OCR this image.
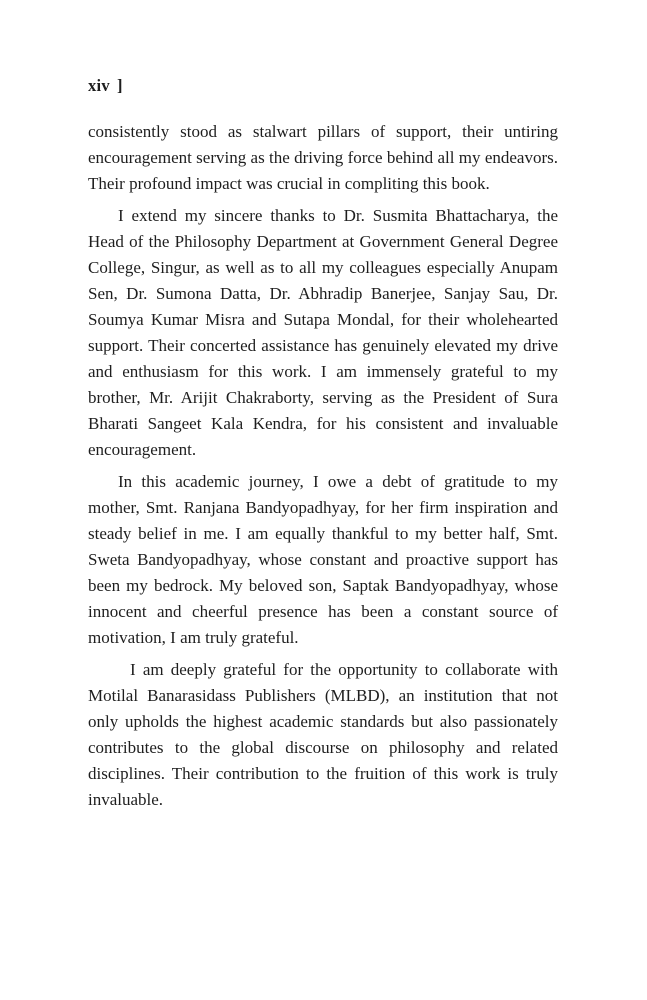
xiv ]

consistently stood as stalwart pillars of support, their untiring encouragement serving as the driving force behind all my endeavors. Their profound impact was crucial in compliting this book.

I extend my sincere thanks to Dr. Susmita Bhattacharya, the Head of the Philosophy Department at Government General Degree College, Singur, as well as to all my colleagues especially Anupam Sen, Dr. Sumona Datta, Dr. Abhradip Banerjee, Sanjay Sau, Dr. Soumya Kumar Misra and Sutapa Mondal, for their wholehearted support. Their concerted assistance has genuinely elevated my drive and enthusiasm for this work. I am immensely grateful to my brother, Mr. Arijit Chakraborty, serving as the President of Sura Bharati Sangeet Kala Kendra, for his consistent and invaluable encouragement.

In this academic journey, I owe a debt of gratitude to my mother, Smt. Ranjana Bandyopadhyay, for her firm inspiration and steady belief in me. I am equally thankful to my better half, Smt. Sweta Bandyopadhyay, whose constant and proactive support has been my bedrock. My beloved son, Saptak Bandyopadhyay, whose innocent and cheerful presence has been a constant source of motivation, I am truly grateful.

I am deeply grateful for the opportunity to collaborate with Motilal Banarasidass Publishers (MLBD), an institution that not only upholds the highest academic standards but also passionately contributes to the global discourse on philosophy and related disciplines. Their contribution to the fruition of this work is truly invaluable.
